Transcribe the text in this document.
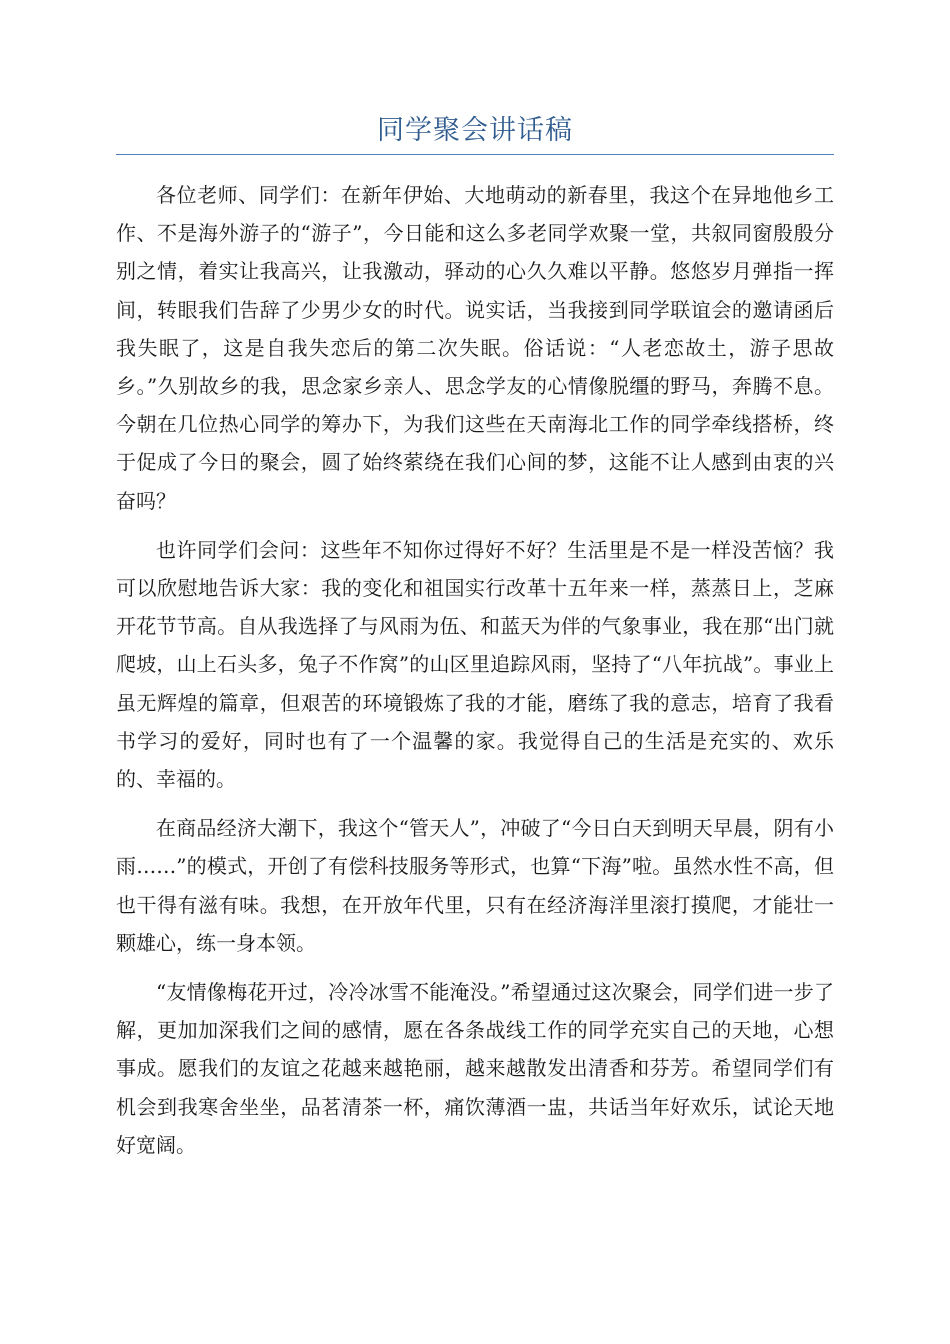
同学聚会讲话稿

各位老师、同学们：在新年伊始、大地萌动的新春里，我这个在异地他乡工作、不是海外游子的“游子”，今日能和这么多老同学欢聚一堂，共叙同窗殷殷分别之情，着实让我高兴，让我激动，驿动的心久久难以平静。悠悠岁月弹指一挥间，转眼我们告辞了少男少女的时代。说实话，当我接到同学联谊会的邀请函后我失眠了，这是自我失恋后的第二次失眠。俗话说：“人老恋故土，游子思故乡。”久别故乡的我，思念家乡亲人、思念学友的心情像脱缰的野马，奔腾不息。今朝在几位热心同学的筹办下，为我们这些在天南海北工作的同学牵线搭桥，终于促成了今日的聚会，圆了始终萦绕在我们心间的梦，这能不让人感到由衷的兴奋吗？

也许同学们会问：这些年不知你过得好不好？生活里是不是一样没苦恼？我可以欣慰地告诉大家：我的变化和祖国实行改革十五年来一样，蒸蒸日上，芝麻开花节节高。自从我选择了与风雨为伍、和蓝天为伴的气象事业，我在那“出门就爬坡，山上石头多，兔子不作窝”的山区里追踪风雨，坚持了“八年抗战”。事业上虽无辉煌的篇章，但艰苦的环境锻炼了我的才能，磨练了我的意志，培育了我看书学习的爱好，同时也有了一个温馨的家。我觉得自己的生活是充实的、欢乐的、幸福的。

在商品经济大潮下，我这个“管天人”，冲破了“今日白天到明天早晨，阴有小雨……”的模式，开创了有偿科技服务等形式，也算“下海”啦。虽然水性不高，但也干得有滋有味。我想，在开放年代里，只有在经济海洋里滚打摸爬，才能壮一颗雄心，练一身本领。

“友情像梅花开过，冷冷冰雪不能淹没。”希望通过这次聚会，同学们进一步了解，更加加深我们之间的感情，愿在各条战线工作的同学充实自己的天地，心想事成。愿我们的友谊之花越来越艳丽，越来越散发出清香和芬芳。希望同学们有机会到我寒舍坐坐，品茗清茶一杯，痛饮薄酒一盅，共话当年好欢乐，试论天地好宽阔。
